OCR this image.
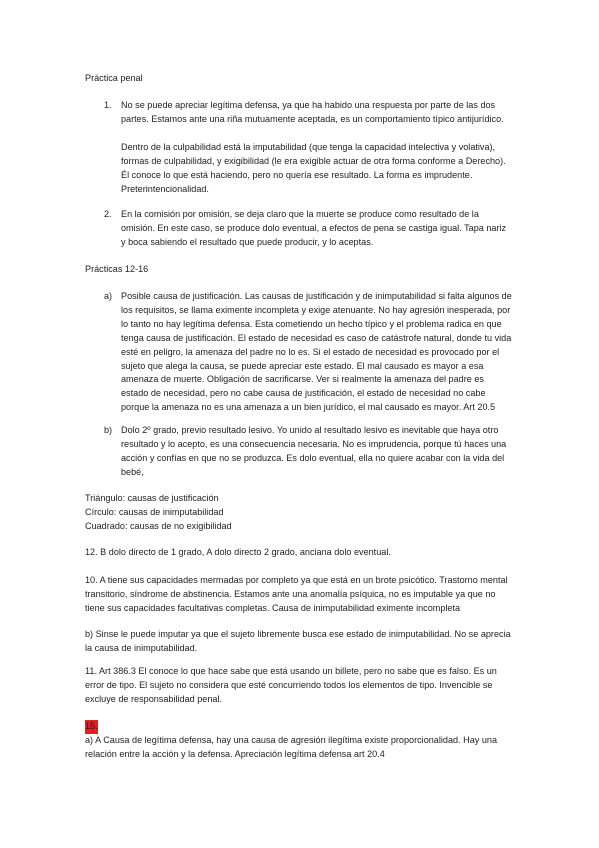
Práctica penal

1. No se puede apreciar legítima defensa, ya que ha habido una respuesta por parte de las dos partes. Estamos ante una riña mutuamente aceptada, es un comportamiento típico antijurídico.

Dentro de la culpabilidad está la imputabilidad (que tenga la capacidad intelectiva y volativa), formas de culpabilidad, y exigibilidad (le era exigible actuar de otra forma conforme a Derecho). Él conoce lo que está haciendo, pero no quería ese resultado. La forma es imprudente. Preterintencionalidad.

2. En la comisión por omisión, se deja claro que la muerte se produce como resultado de la omisión. En este caso, se produce dolo eventual, a efectos de pena se castiga igual. Tapa nariz y boca sabiendo el resultado que puede producir, y lo aceptas.

Prácticas 12-16

a) Posible causa de justificación. Las causas de justificación y de inimputabilidad si falta algunos de los requisitos, se llama eximente incompleta y exige atenuante. No hay agresión inesperada, por lo tanto no hay legítima defensa. Esta cometiendo un hecho típico y el problema radica en que tenga causa de justificación. El estado de necesidad es caso de catástrofe natural, donde tu vida esté en peligro, la amenaza del padre no lo es. Si el estado de necesidad es provocado por el sujeto que alega la causa, se puede apreciar este estado. El mal causado es mayor a esa amenaza de muerte. Obligación de sacrificarse. Ver si realmente la amenaza del padre es estado de necesidad, pero no cabe causa de justificación, el estado de necesidad no cabe porque la amenaza no es una amenaza a un bien jurídico, el mal causado es mayor. Art 20.5

b) Dolo 2º grado, previo resultado lesivo. Yo unido al resultado lesivo es inevitable que haya otro resultado y lo acepto, es una consecuencia necesaria. No es imprudencia, porque tú haces una acción y confías en que no se produzca. Es dolo eventual, ella no quiere acabar con la vida del bebé,

Triángulo: causas de justificación

Círculo: causas de inimputabilidad

Cuadrado: causas de no exigibilidad

12. B dolo directo de 1 grado, A dolo directo 2 grado, anciana dolo eventual.

10. A tiene sus capacidades mermadas por completo ya que está en un brote psicótico. Trastorno mental transitorio, síndrome de abstinencia. Estamos ante una anomalía psíquica, no es imputable ya que no tiene sus capacidades facultativas completas. Causa de inimputabilidad eximente incompleta

b) Sinse le puede imputar ya que el sujeto libremente busca ese estado de inimputabilidad. No se aprecia la causa de inimputabilidad.

11. Art 386.3 El conoce lo que hace sabe que está usando un billete, pero no sabe que es falso. Es un error de tipo. El sujeto no considera que esté concurriendo todos los elementos de tipo. Invencible se excluye de responsabilidad penal.

15.

a) A Causa de legítima defensa, hay una causa de agresión ilegítima existe proporcionalidad. Hay una relación entre la acción y la defensa. Apreciación legítima defensa art 20.4
